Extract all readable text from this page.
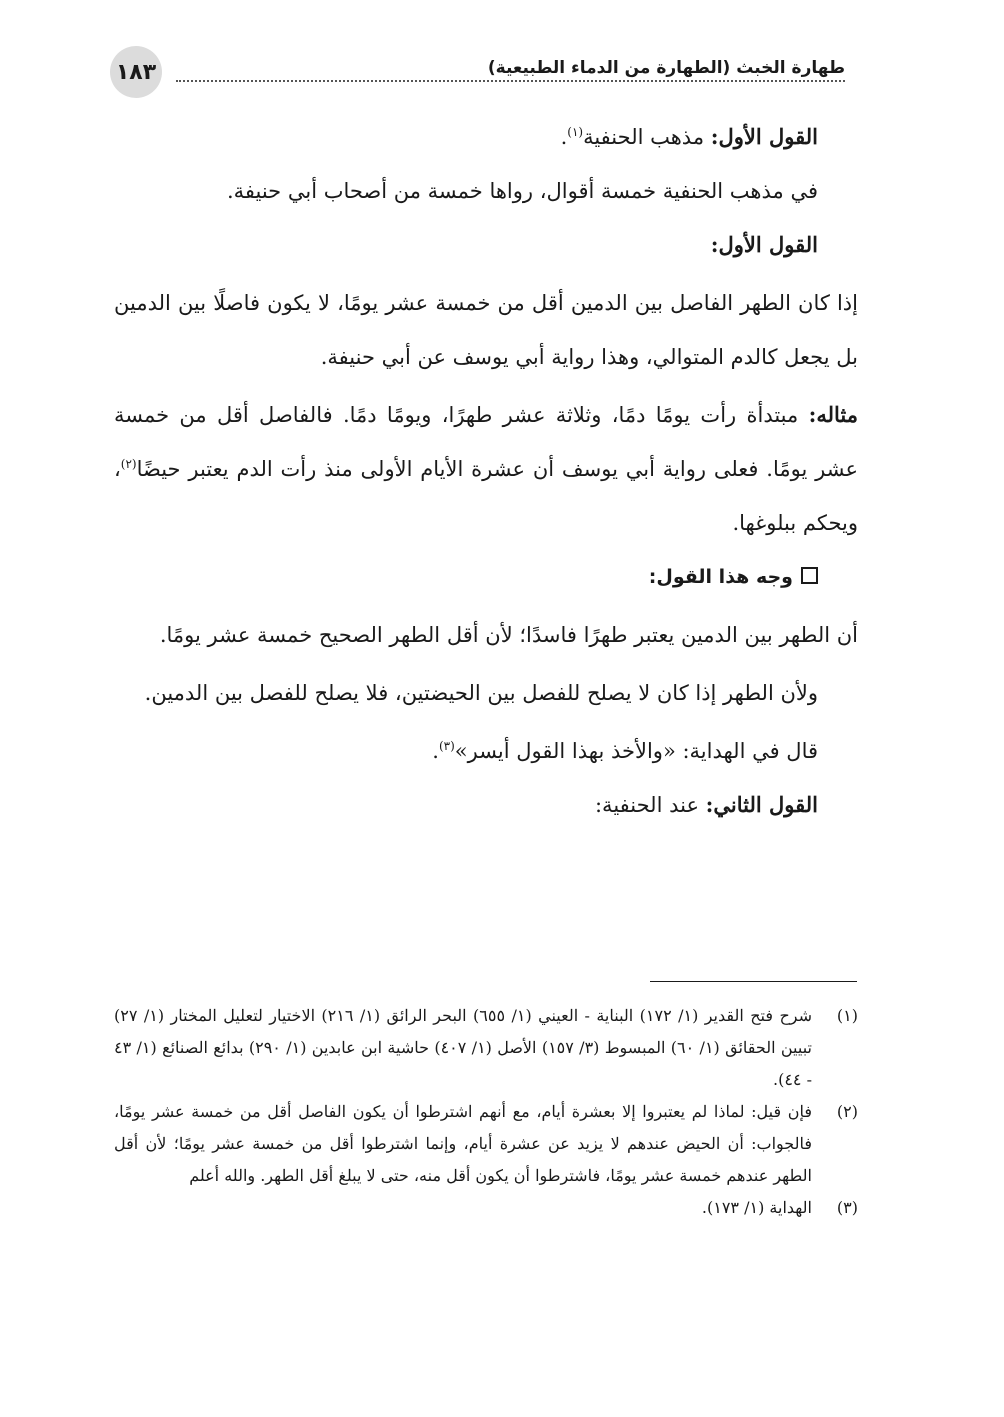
١٨٣	طهارة الخبث (الطهارة من الدماء الطبيعية)

القول الأول: مذهب الحنفية$^{(١)}$.

في مذهب الحنفية خمسة أقوال، رواها خمسة من أصحاب أبي حنيفة.

القول الأول:

إذا كان الطهر الفاصل بين الدمين أقل من خمسة عشر يومًا، لا يكون فاصلًا بين الدمين بل يجعل كالدم المتوالي، وهذا رواية أبي يوسف عن أبي حنيفة.

مثاله: مبتدأة رأت يومًا دمًا، وثلاثة عشر طهرًا، ويومًا دمًا. فالفاصل أقل من خمسة عشر يومًا. فعلى رواية أبي يوسف أن عشرة الأيام الأولى منذ رأت الدم يعتبر حيضًا$^{(٢)}$، ويحكم ببلوغها.

وجه هذا القول:

أن الطهر بين الدمين يعتبر طهرًا فاسدًا؛ لأن أقل الطهر الصحيح خمسة عشر يومًا.

ولأن الطهر إذا كان لا يصلح للفصل بين الحيضتين، فلا يصلح للفصل بين الدمين.

قال في الهداية: «والأخذ بهذا القول أيسر»$^{(٣)}$.

القول الثاني: عند الحنفية:

(١)
شرح فتح القدير (١/ ١٧٢) البناية - العيني (١/ ٦٥٥) البحر الرائق (١/ ٢١٦) الاختيار لتعليل المختار (١/ ٢٧) تبيين الحقائق (١/ ٦٠) المبسوط (٣/ ١٥٧) الأصل (١/ ٤٠٧) حاشية ابن عابدين (١/ ٢٩٠) بدائع الصنائع (١/ ٤٣ - ٤٤).
(٢)
فإن قيل: لماذا لم يعتبروا إلا بعشرة أيام، مع أنهم اشترطوا أن يكون الفاصل أقل من خمسة عشر يومًا، فالجواب: أن الحيض عندهم لا يزيد عن عشرة أيام، وإنما اشترطوا أقل من خمسة عشر يومًا؛ لأن أقل الطهر عندهم خمسة عشر يومًا، فاشترطوا أن يكون أقل منه، حتى لا يبلغ أقل الطهر. والله أعلم
(٣)
الهداية (١/ ١٧٣).
